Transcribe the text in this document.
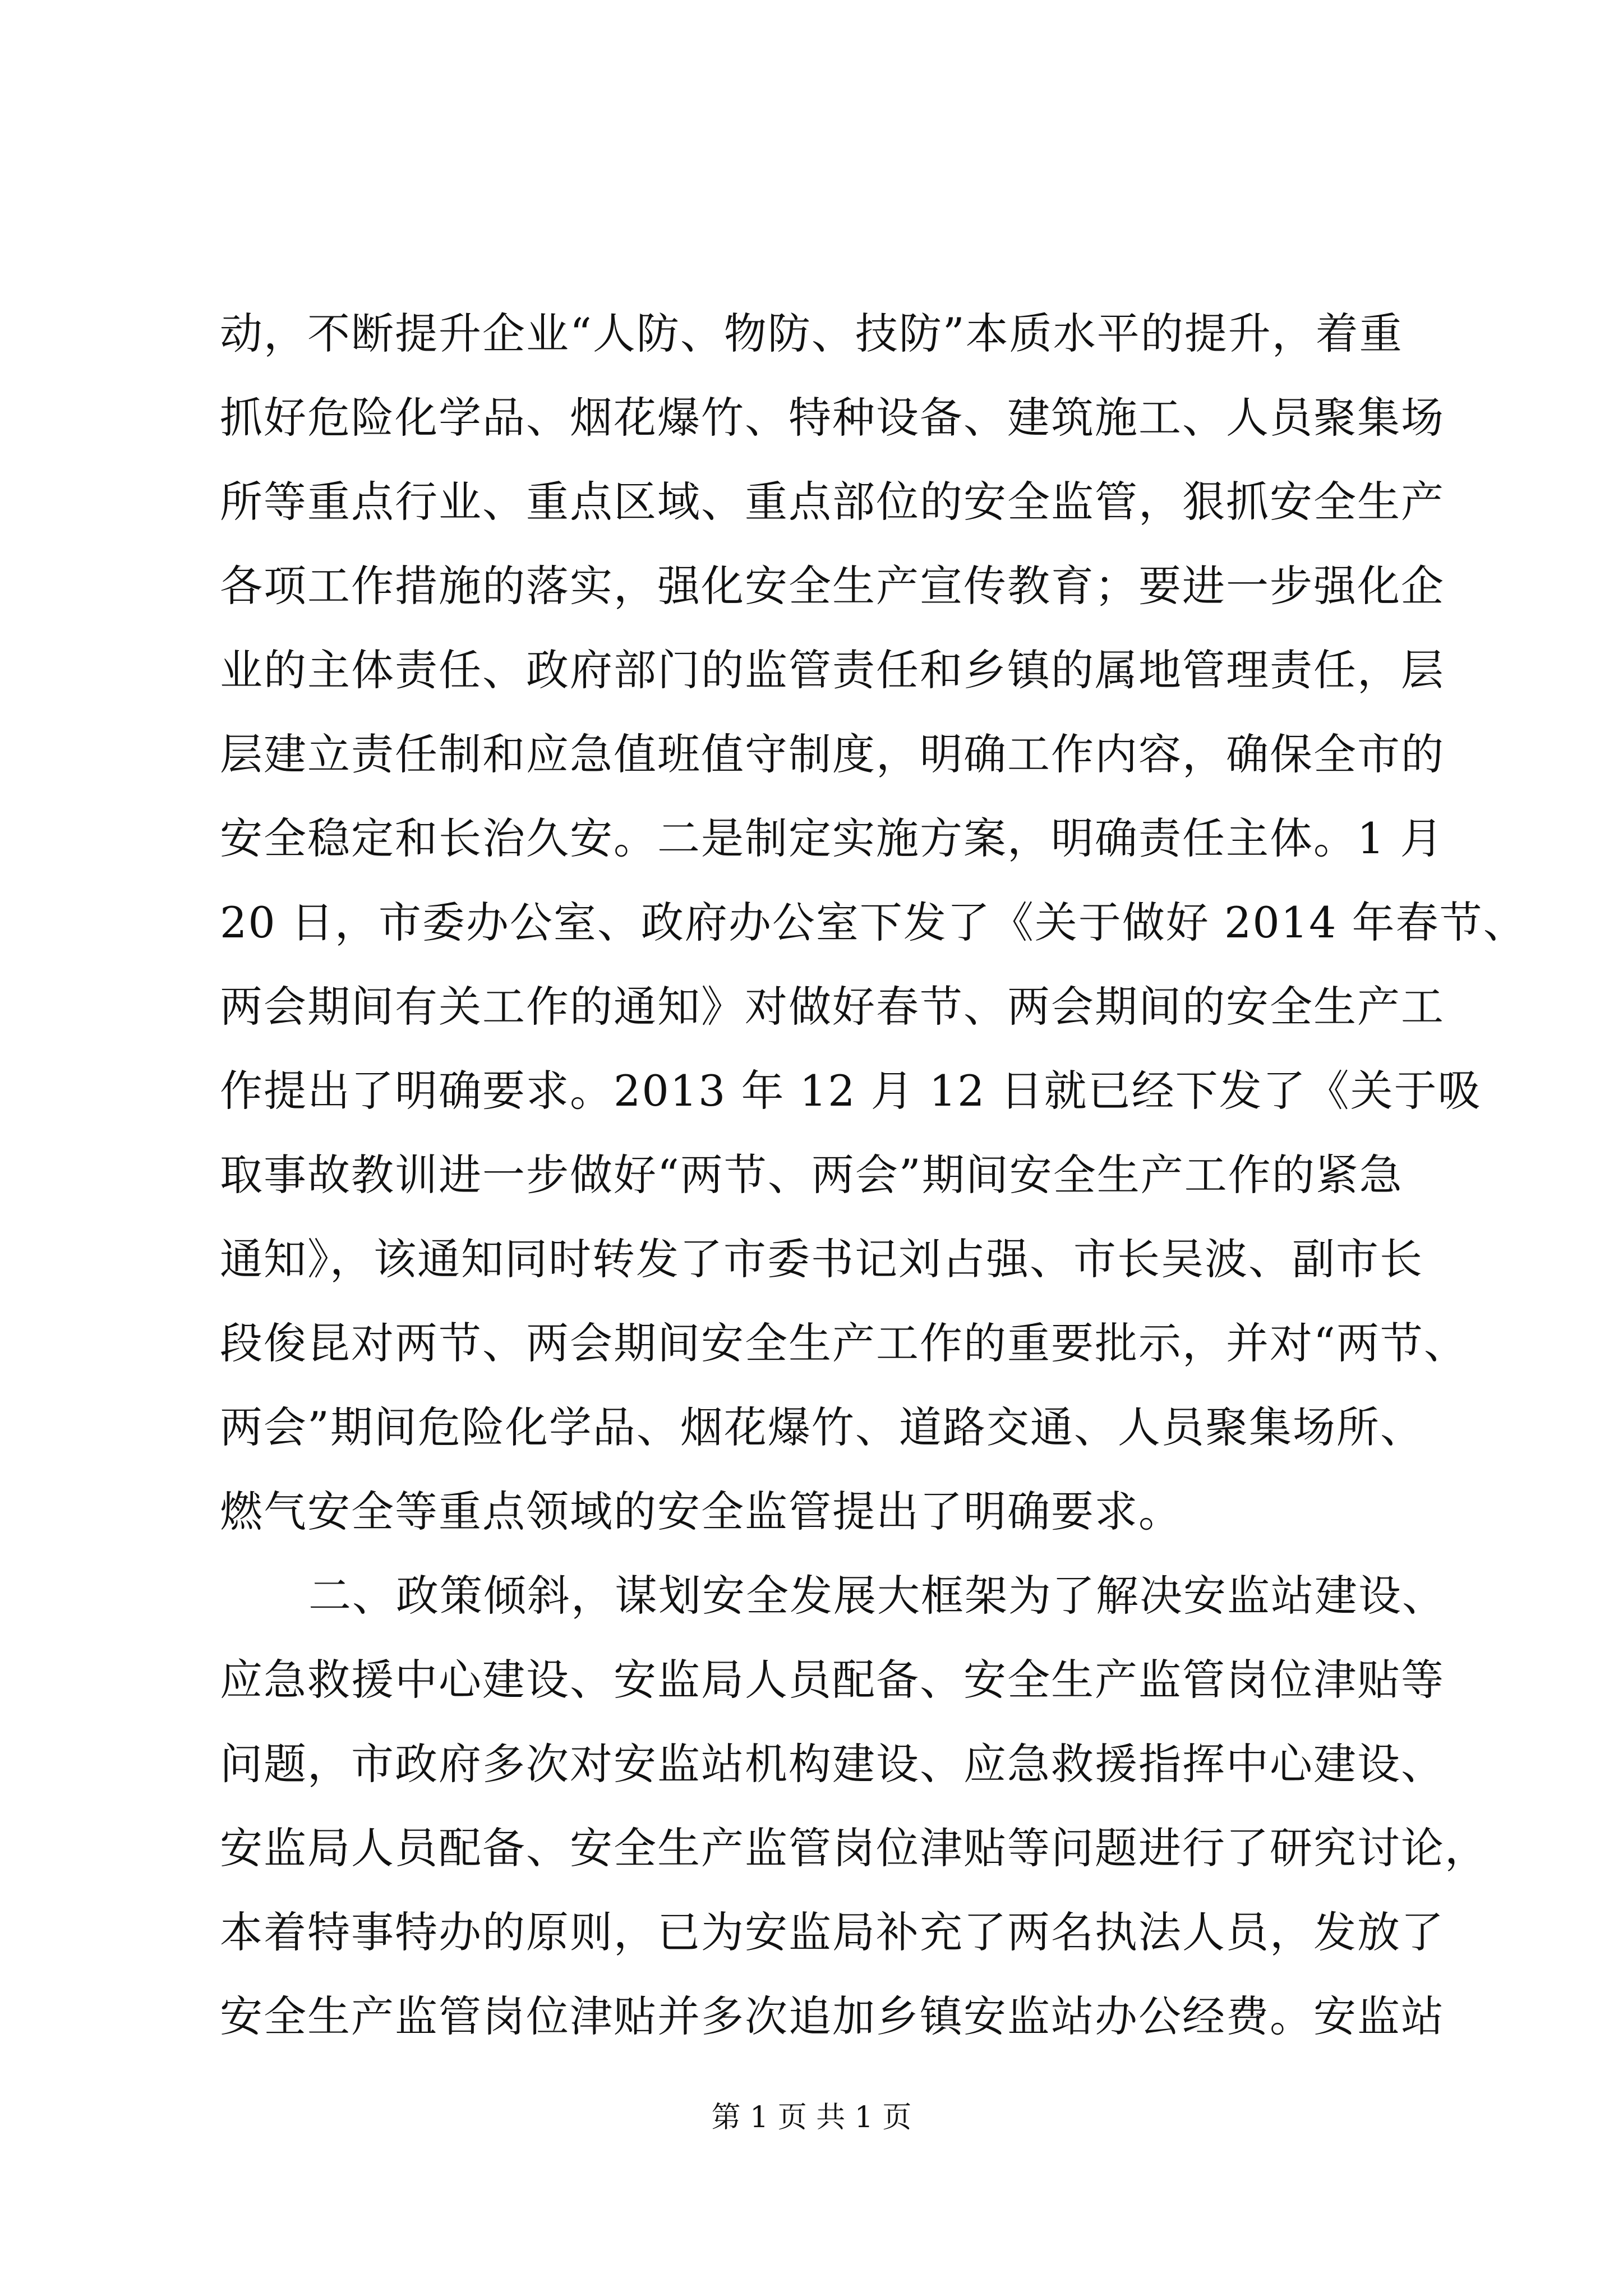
动，不断提升企业“人防、物防、技防”本质水平的提升，着重
抓好危险化学品、烟花爆竹、特种设备、建筑施工、人员聚集场
所等重点行业、重点区域、重点部位的安全监管，狠抓安全生产
各项工作措施的落实，强化安全生产宣传教育；要进一步强化企
业的主体责任、政府部门的监管责任和乡镇的属地管理责任，层
层建立责任制和应急值班值守制度，明确工作内容，确保全市的
安全稳定和长治久安。二是制定实施方案，明确责任主体。1 月
20 日，市委办公室、政府办公室下发了《关于做好 2014 年春节、
两会期间有关工作的通知》对做好春节、两会期间的安全生产工
作提出了明确要求。2013 年 12 月 12 日就已经下发了《关于吸
取事故教训进一步做好“两节、两会”期间安全生产工作的紧急
通知》，该通知同时转发了市委书记刘占强、市长吴波、副市长
段俊昆对两节、两会期间安全生产工作的重要批示，并对“两节、
两会”期间危险化学品、烟花爆竹、道路交通、人员聚集场所、
燃气安全等重点领域的安全监管提出了明确要求。
二、政策倾斜，谋划安全发展大框架为了解决安监站建设、
应急救援中心建设、安监局人员配备、安全生产监管岗位津贴等
问题，市政府多次对安监站机构建设、应急救援指挥中心建设、
安监局人员配备、安全生产监管岗位津贴等问题进行了研究讨论，
本着特事特办的原则，已为安监局补充了两名执法人员，发放了
安全生产监管岗位津贴并多次追加乡镇安监站办公经费。安监站
第 1 页 共 1 页
